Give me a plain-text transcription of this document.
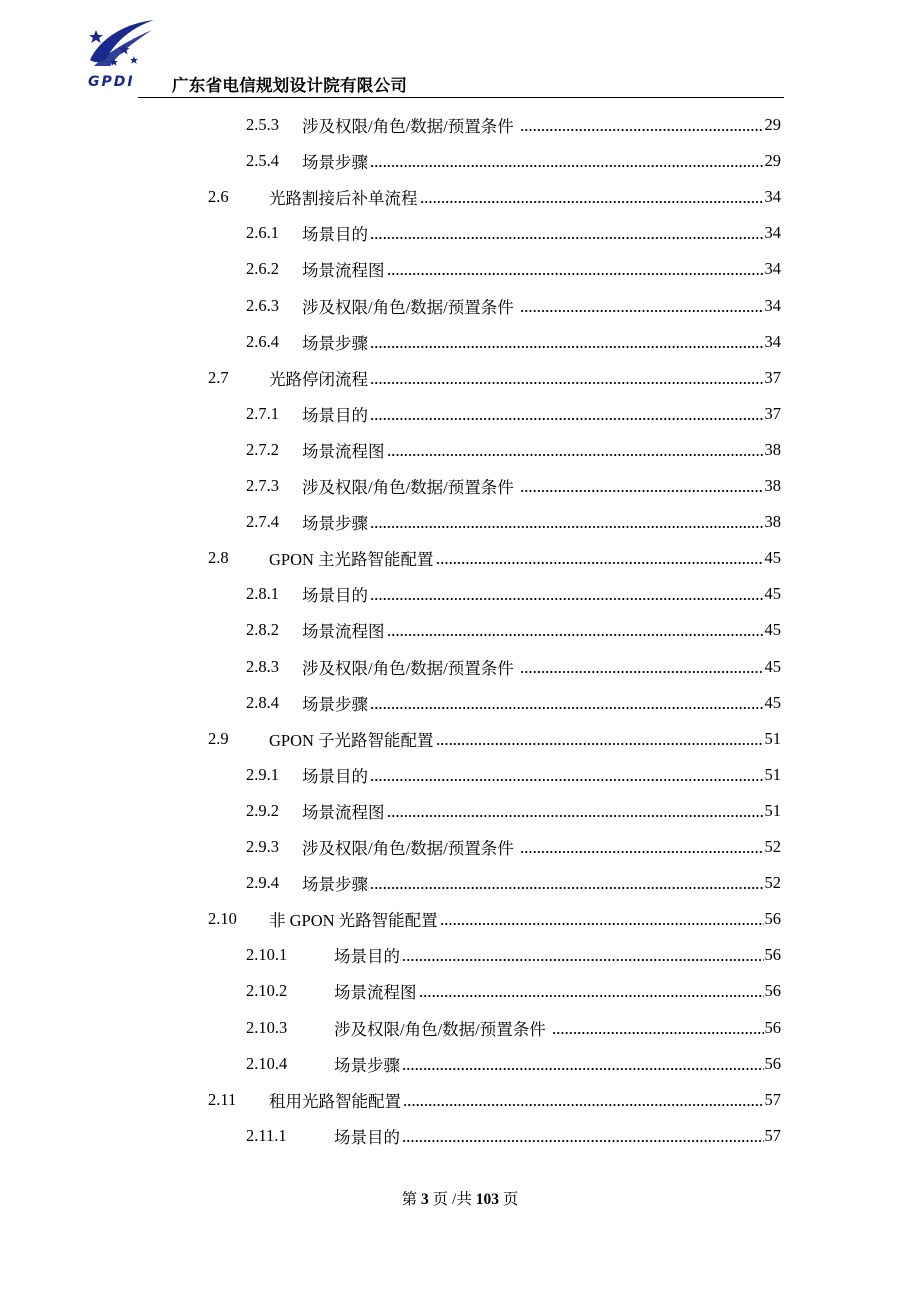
GPDI 广东省电信规划设计院有限公司
2.5.3	涉及权限/角色/数据/预置条件	29
2.5.4	场景步骤	29
2.6	光路割接后补单流程	34
2.6.1	场景目的	34
2.6.2	场景流程图	34
2.6.3	涉及权限/角色/数据/预置条件	34
2.6.4	场景步骤	34
2.7	光路停闭流程	37
2.7.1	场景目的	37
2.7.2	场景流程图	38
2.7.3	涉及权限/角色/数据/预置条件	38
2.7.4	场景步骤	38
2.8	GPON 主光路智能配置	45
2.8.1	场景目的	45
2.8.2	场景流程图	45
2.8.3	涉及权限/角色/数据/预置条件	45
2.8.4	场景步骤	45
2.9	GPON 子光路智能配置	51
2.9.1	场景目的	51
2.9.2	场景流程图	51
2.9.3	涉及权限/角色/数据/预置条件	52
2.9.4	场景步骤	52
2.10	非 GPON 光路智能配置	56
2.10.1	场景目的	56
2.10.2	场景流程图	56
2.10.3	涉及权限/角色/数据/预置条件	56
2.10.4	场景步骤	56
2.11	租用光路智能配置	57
2.11.1	场景目的	57
第 3 页 /共 103 页
